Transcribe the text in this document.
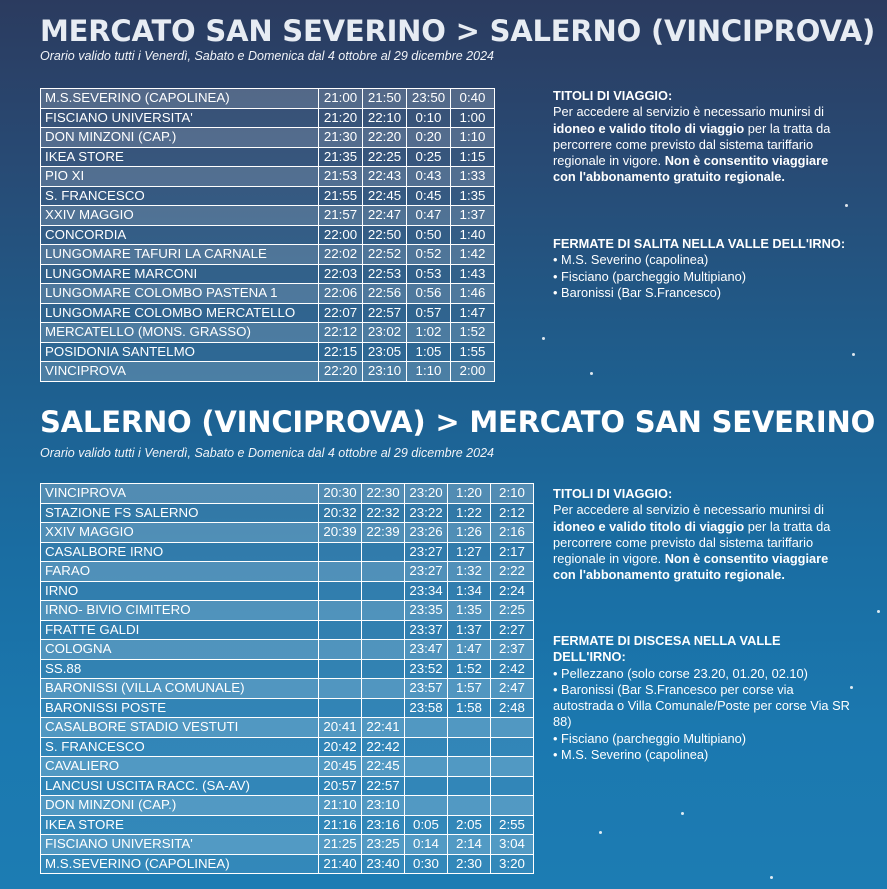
MERCATO SAN SEVERINO > SALERNO (VINCIPROVA)

Orario valido tutti i Venerdì, Sabato e Domenica dal 4 ottobre al 29 dicembre 2024

M.S.SEVERINO (CAPOLINEA)	21:00	21:50	23:50	0:40
FISCIANO UNIVERSITA'	21:20	22:10	0:10	1:00
DON MINZONI (CAP.)	21:30	22:20	0:20	1:10
IKEA STORE	21:35	22:25	0:25	1:15
PIO XI	21:53	22:43	0:43	1:33
S. FRANCESCO	21:55	22:45	0:45	1:35
XXIV MAGGIO	21:57	22:47	0:47	1:37
CONCORDIA	22:00	22:50	0:50	1:40
LUNGOMARE TAFURI LA CARNALE	22:02	22:52	0:52	1:42
LUNGOMARE MARCONI	22:03	22:53	0:53	1:43
LUNGOMARE COLOMBO PASTENA 1	22:06	22:56	0:56	1:46
LUNGOMARE COLOMBO MERCATELLO	22:07	22:57	0:57	1:47
MERCATELLO (MONS. GRASSO)	22:12	23:02	1:02	1:52
POSIDONIA SANTELMO	22:15	23:05	1:05	1:55
VINCIPROVA	22:20	23:10	1:10	2:00

TITOLI DI VIAGGIO:

Per accedere al servizio è necessario munirsi di idoneo e valido titolo di viaggio per la tratta da percorrere come previsto dal sistema tariffario regionale in vigore. Non è consentito viaggiare con l'abbonamento gratuito regionale.

FERMATE DI SALITA NELLA VALLE DELL'IRNO:

• M.S. Severino (capolinea)
• Fisciano (parcheggio Multipiano)
• Baronissi (Bar S.Francesco)
SALERNO (VINCIPROVA) > MERCATO SAN SEVERINO

Orario valido tutti i Venerdì, Sabato e Domenica dal 4 ottobre al 29 dicembre 2024

VINCIPROVA	20:30	22:30	23:20	1:20	2:10
STAZIONE FS SALERNO	20:32	22:32	23:22	1:22	2:12
XXIV MAGGIO	20:39	22:39	23:26	1:26	2:16
CASALBORE IRNO			23:27	1:27	2:17
FARAO			23:27	1:32	2:22
IRNO			23:34	1:34	2:24
IRNO- BIVIO CIMITERO			23:35	1:35	2:25
FRATTE GALDI			23:37	1:37	2:27
COLOGNA			23:47	1:47	2:37
SS.88			23:52	1:52	2:42
BARONISSI (VILLA COMUNALE)			23:57	1:57	2:47
BARONISSI POSTE			23:58	1:58	2:48
CASALBORE STADIO VESTUTI	20:41	22:41			
S. FRANCESCO	20:42	22:42			
CAVALIERO	20:45	22:45			
LANCUSI USCITA RACC. (SA-AV)	20:57	22:57			
DON MINZONI (CAP.)	21:10	23:10			
IKEA STORE	21:16	23:16	0:05	2:05	2:55
FISCIANO UNIVERSITA'	21:25	23:25	0:14	2:14	3:04
M.S.SEVERINO (CAPOLINEA)	21:40	23:40	0:30	2:30	3:20

TITOLI DI VIAGGIO:

Per accedere al servizio è necessario munirsi di idoneo e valido titolo di viaggio per la tratta da percorrere come previsto dal sistema tariffario regionale in vigore. Non è consentito viaggiare con l'abbonamento gratuito regionale.

FERMATE DI DISCESA NELLA VALLE DELL'IRNO:

• Pellezzano (solo corse 23.20, 01.20, 02.10)
• Baronissi (Bar S.Francesco per corse via autostrada o Villa Comunale/Poste per corse Via SR 88)
• Fisciano (parcheggio Multipiano)
• M.S. Severino (capolinea)
